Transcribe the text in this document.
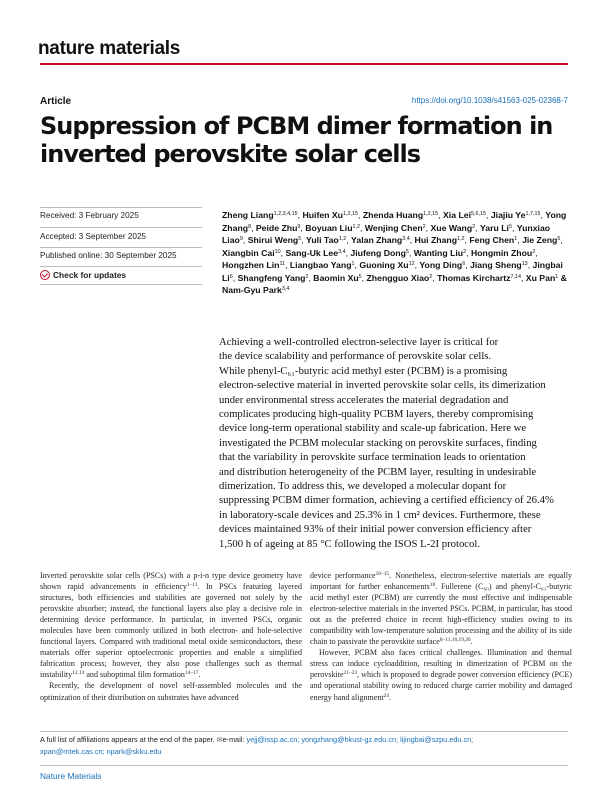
nature materials
Article	https://doi.org/10.1038/s41563-025-02368-7
Suppression of PCBM dimer formation in inverted perovskite solar cells
Received: 3 February 2025
Accepted: 3 September 2025
Published online: 30 September 2025
Check for updates
Zheng Liang$^{1,2,3,4,15}$, Huifen Xu$^{1,2,15}$, Zhenda Huang$^{1,2,15}$, Xia Lei$^{5,6,15}$, Jiajiu Ye$^{1,7,15}$, Yong Zhang$^8$, Peide Zhu$^9$, Boyuan Liu$^{1,2}$, Wenjing Chen$^2$, Xue Wang$^2$, Yaru Li$^5$, Yunxiao Liao$^9$, Shirui Weng$^5$, Yuli Tao$^{1,2}$, Yalan Zhang$^{3,4}$, Hui Zhang$^{1,2}$, Feng Chen$^1$, Jie Zeng$^5$, Xiangbin Cai$^{10}$, Sang-Uk Lee$^{3,4}$, Jiufeng Dong$^5$, Wanting Liu$^2$, Hongmin Zhou$^2$, Hongzhen Lin$^{11}$, Liangbao Yang$^1$, Guoning Xu$^{12}$, Yong Ding$^6$, Jiang Sheng$^{13}$, Jingbai Li$^6$, Shangfeng Yang$^2$, Baomin Xu$^5$, Zhengguo Xiao$^2$, Thomas Kirchartz$^{7,14}$, Xu Pan$^1$ & Nam-Gyu Park$^{3,4}$
Achieving a well-controlled electron-selective layer is critical for
the device scalability and performance of perovskite solar cells.
While phenyl-C₆₁-butyric acid methyl ester (PCBM) is a promising
electron-selective material in inverted perovskite solar cells, its dimerization
under environmental stress accelerates the material degradation and
complicates producing high-quality PCBM layers, thereby compromising
device long-term operational stability and scale-up fabrication. Here we
investigated the PCBM molecular stacking on perovskite surfaces, finding
that the variability in perovskite surface termination leads to orientation
and distribution heterogeneity of the PCBM layer, resulting in undesirable
dimerization. To address this, we developed a molecular dopant for
suppressing PCBM dimer formation, achieving a certified efficiency of 26.4%
in laboratory-scale devices and 25.3% in 1 cm² devices. Furthermore, these
devices maintained 93% of their initial power conversion efficiency after
1,500 h of ageing at 85 °C following the ISOS L-2I protocol.

Inverted perovskite solar cells (PSCs) with a p-i-n type device geometry have shown rapid advancements in efficiency$^{1-11}$. In PSCs featuring layered structures, both efficiencies and stabilities are governed not solely by the perovskite absorber; instead, the functional layers also play a decisive role in determining device performance. In particular, in inverted PSCs, organic molecules have been commonly utilized in both electron- and hole-selective functional layers. Compared with traditional metal oxide semiconductors, these materials offer superior optoelectronic properties and enable a simplified fabrication process; however, they also pose challenges such as thermal instability$^{12,13}$ and suboptimal film formation$^{14-17}$.

Recently, the development of novel self-assembled molecules and the optimization of their distribution on substrates have advanced

device performance$^{10-15}$. Nonetheless, electron-selective materials are equally important for further enhancements$^{18}$. Fullerene (C₆₀) and phenyl-C₆₁-butyric acid methyl ester (PCBM) are currently the most effective and indispensable electron-selective materials in the inverted PSCs. PCBM, in particular, has stood out as the preferred choice in recent high-efficiency studies owing to its compatibility with low-temperature solution processing and the ability of its side chain to passivate the perovskite surface$^{8-11,16,19,20}$.

However, PCBM also faces critical challenges. Illumination and thermal stress can induce cycloaddition, resulting in dimerization of PCBM on the perovskite$^{21-23}$, which is proposed to degrade power conversion efficiency (PCE) and operational stability owing to reduced charge carrier mobility and damaged energy band alignment$^{24}$.

A full list of affiliations appears at the end of the paper. ✉e-mail: yejj@issp.ac.cn; yongzhang@hkust-gz.edu.cn; lijingbai@szpu.edu.cn;
xpan@rntek.cas.cn; npark@skku.edu
Nature Materials
